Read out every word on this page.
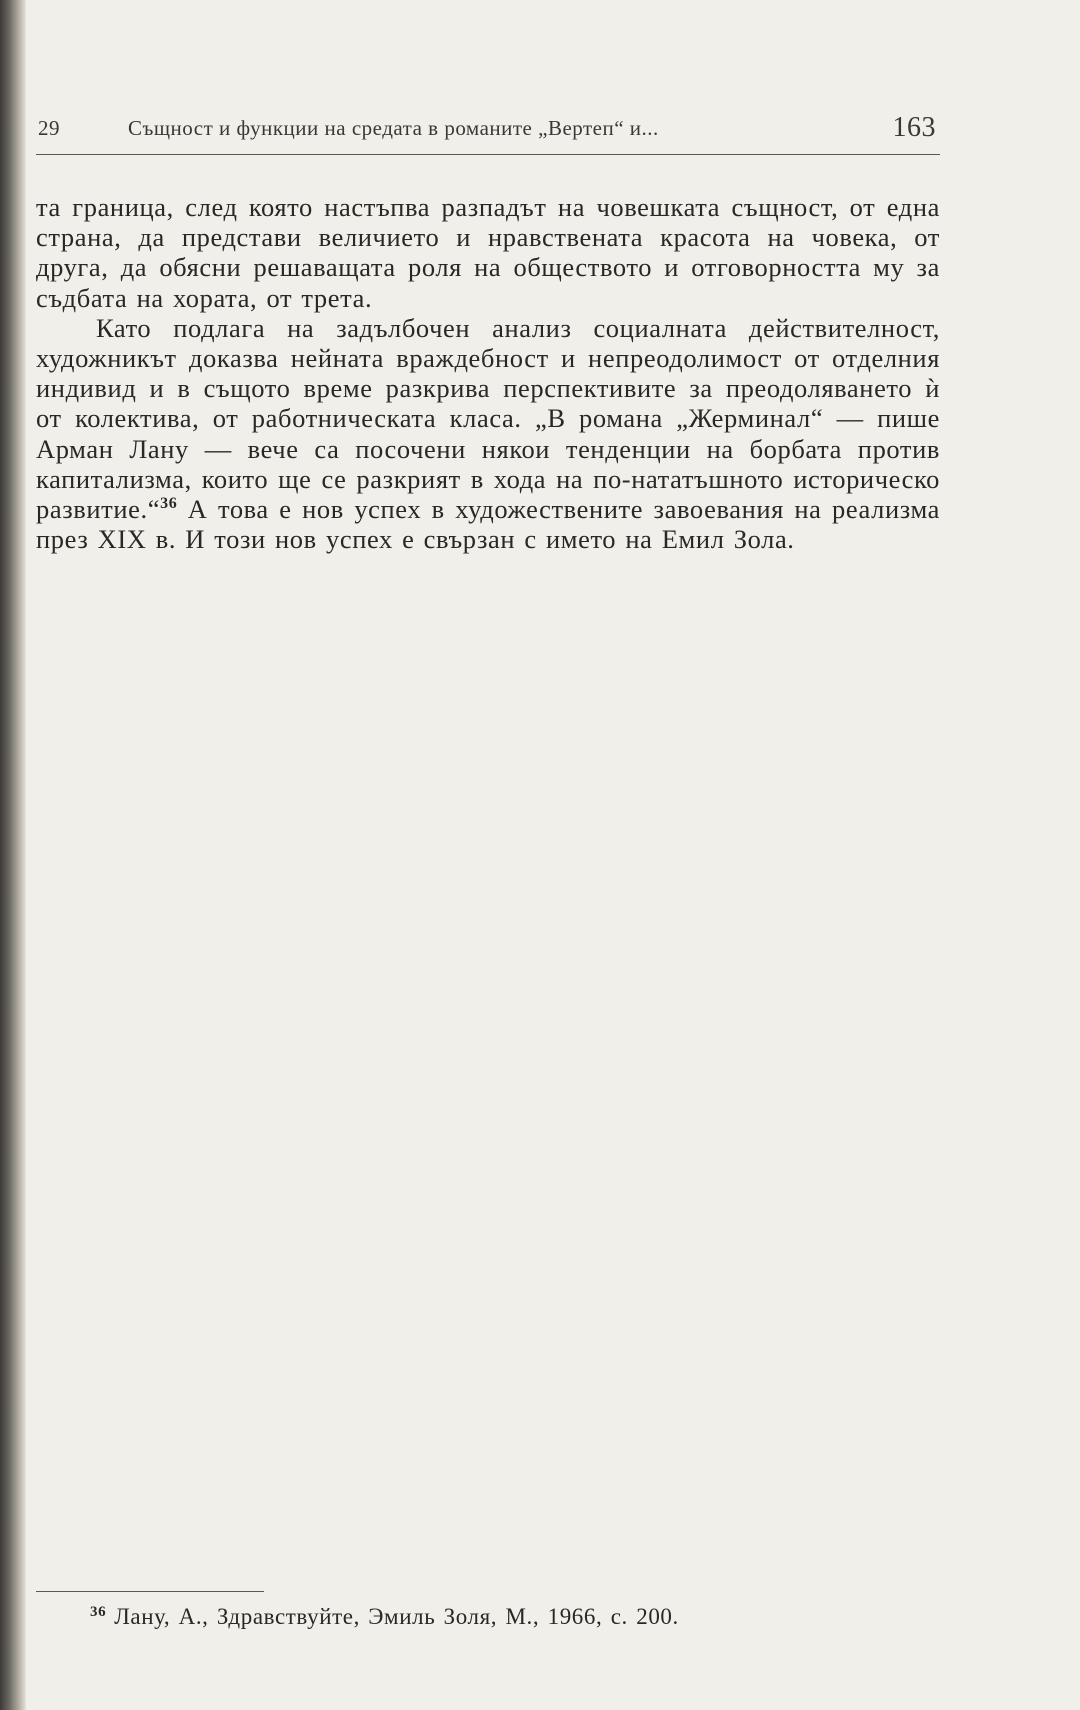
29	Същност и функции на средата в романите „Вертеп“ и...	163

та граница, след която настъпва разпадът на човешката същност, от една страна, да представи величието и нравствената красота на човека, от друга, да обясни решаващата роля на обществото и отговорността му за съдбата на хората, от трета.

Като подлага на задълбочен анализ социалната действителност, художникът доказва нейната враждебност и непреодолимост от отделния индивид и в същото време разкрива перспективите за преодоляването ѝ от колектива, от работническата класа. „В романа „Жерминал“ — пише Арман Лану — вече са посочени някои тенденции на борбата против капитализма, които ще се разкрият в хода на по-нататъшното историческо развитие.“$^{36}$ А това е нов успех в художествените завоевания на реализма през XIX в. И този нов успех е свързан с името на Емил Зола.

$^{36}$ Лану, А., Здравствуйте, Эмиль Золя, М., 1966, с. 200.
